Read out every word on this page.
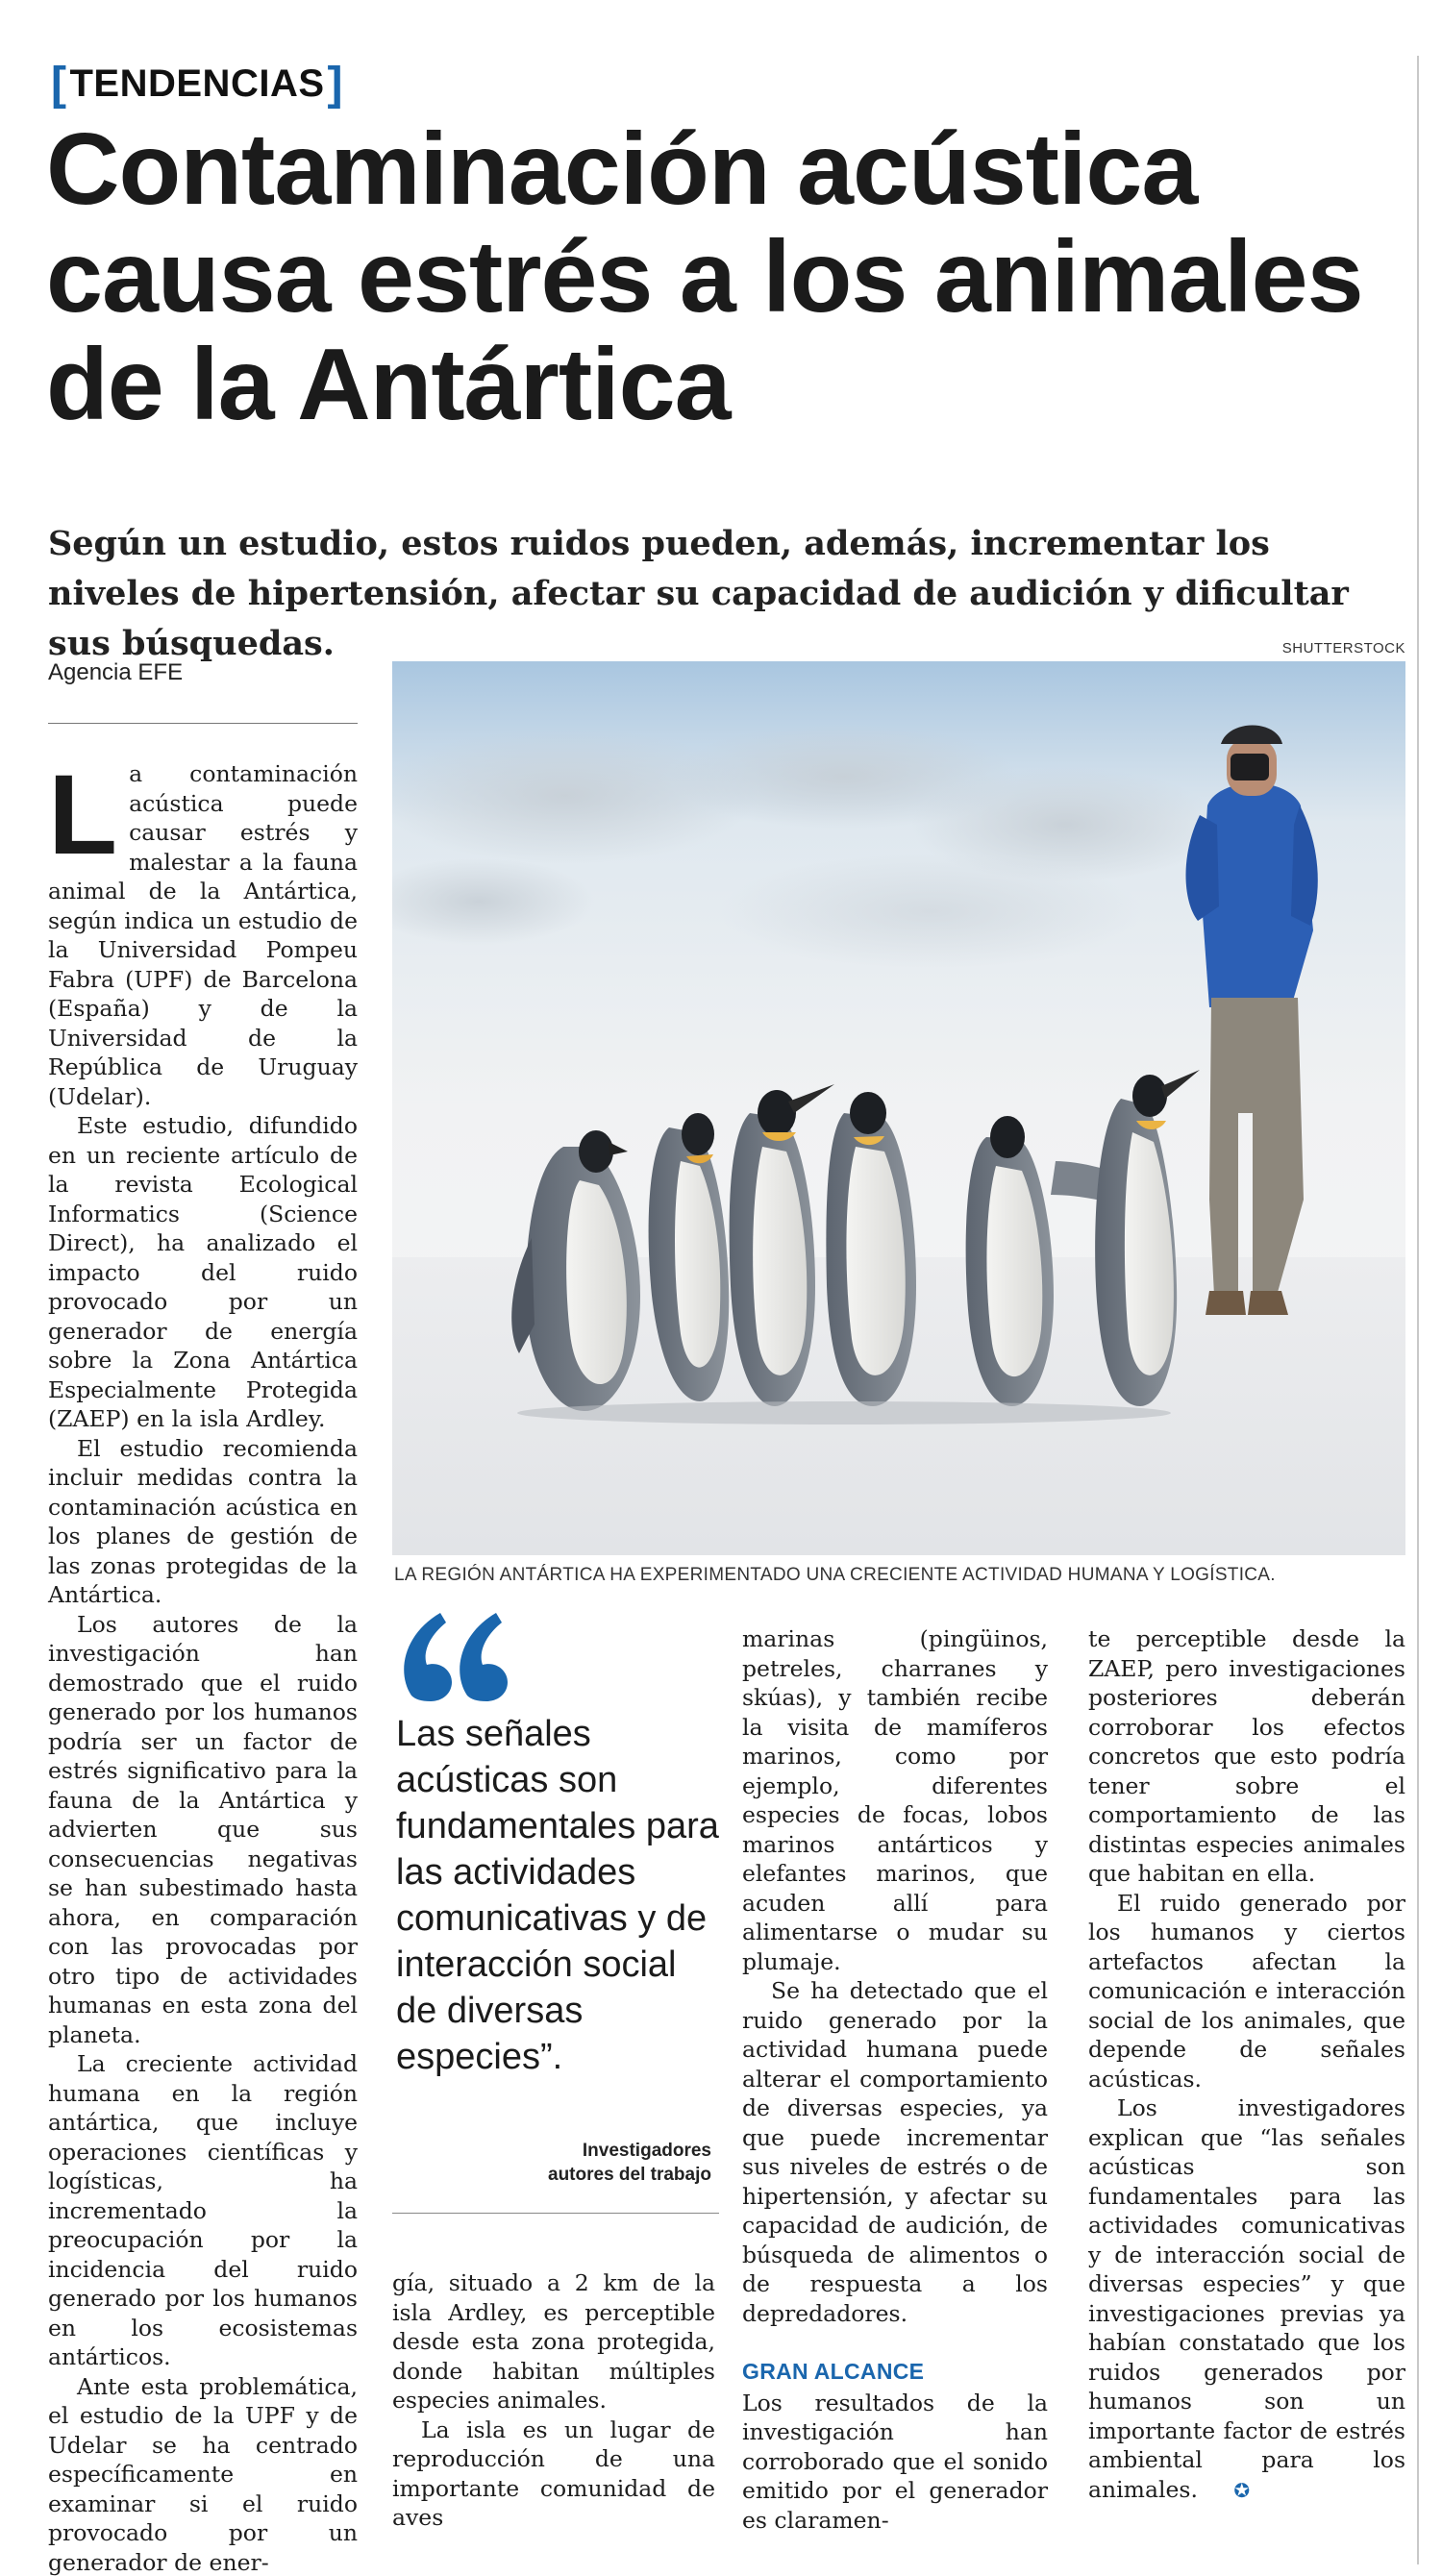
[ TENDENCIAS ]
Contaminación acústica causa estrés a los animales de la Antártica
Según un estudio, estos ruidos pueden, además, incrementar los niveles de hipertensión, afectar su capacidad de audición y dificultar sus búsquedas.
Agencia EFE
SHUTTERSTOCK
LA REGIÓN ANTÁRTICA HA EXPERIMENTADO UNA CRECIENTE ACTIVIDAD HUMANA Y LOGÍSTICA.
L a contaminación acústica puede causar estrés y malestar a la fauna animal de la Antártica, según indica un estudio de la Universidad Pompeu Fabra (UPF) de Barcelona (España) y de la Universidad de la República de Uruguay (Udelar).

Este estudio, difundido en un reciente artículo de la revista Ecological Informatics (Science Direct), ha analizado el impacto del ruido provocado por un generador de energía sobre la Zona Antártica Especialmente Protegida (ZAEP) en la isla Ardley.

El estudio recomienda incluir medidas contra la contaminación acústica en los planes de gestión de las zonas protegidas de la Antártica.

Los autores de la investigación han demostrado que el ruido generado por los humanos podría ser un factor de estrés significativo para la fauna de la Antártica y advierten que sus consecuencias negativas se han subestimado hasta ahora, en comparación con las provocadas por otro tipo de actividades humanas en esta zona del planeta.

La creciente actividad humana en la región antártica, que incluye operaciones científicas y logísticas, ha incrementado la preocupación por la incidencia del ruido generado por los humanos en los ecosistemas antárticos.

Ante esta problemática, el estudio de la UPF y de Udelar se ha centrado específicamente en examinar si el ruido provocado por un generador de ener-

Las señales acústicas son fundamentales para las actividades comunicativas y de interacción social de diversas especies”.
Investigadores
autores del trabajo

gía, situado a 2 km de la isla Ardley, es perceptible desde esta zona protegida, donde habitan múltiples especies animales.

La isla es un lugar de reproducción de una importante comunidad de aves

marinas (pingüinos, petreles, charranes y skúas), y también recibe la visita de mamíferos marinos, como por ejemplo, diferentes especies de focas, lobos marinos antárticos y elefantes marinos, que acuden allí para alimentarse o mudar su plumaje.

Se ha detectado que el ruido generado por la actividad humana puede alterar el comportamiento de diversas especies, ya que puede incrementar sus niveles de estrés o de hipertensión, y afectar su capacidad de audición, de búsqueda de alimentos o de respuesta a los depredadores.

GRAN ALCANCE

Los resultados de la investigación han corroborado que el sonido emitido por el generador es claramen-

te perceptible desde la ZAEP, pero investigaciones posteriores deberán corroborar los efectos concretos que esto podría tener sobre el comportamiento de las distintas especies animales que habitan en ella.

El ruido generado por los humanos y ciertos artefactos afectan la comunicación e interacción social de los animales, que depende de señales acústicas.

Los investigadores explican que “las señales acústicas son fundamentales para las actividades comunicativas y de interacción social de diversas especies” y que investigaciones previas ya habían constatado que los ruidos generados por humanos son un importante factor de estrés ambiental para los animales. ✪
